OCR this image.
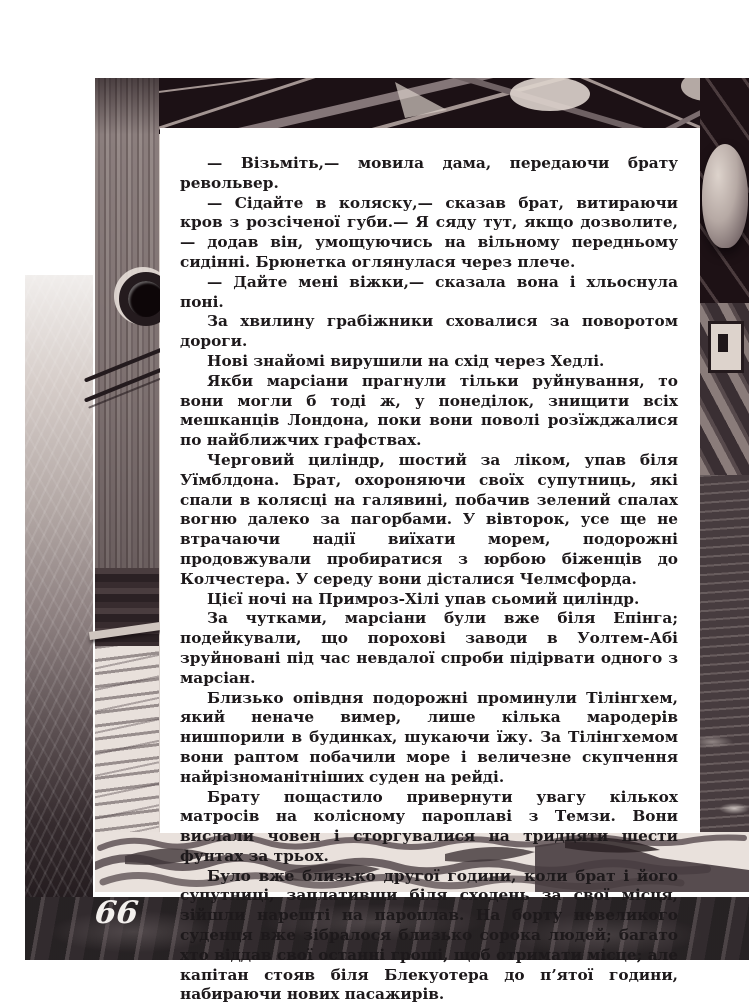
— Візьміть,— мовила дама, передаючи брату револьвер.

— Сідайте в коляску,— сказав брат, витираючи кров з розсіченої губи.— Я сяду тут, якщо дозволите,— додав він, умощуючись на вільному передньому сидінні. Брюнетка оглянулася через плече.

— Дайте мені віжки,— сказала вона і хльоснула поні.

За хвилину грабіжники сховалися за поворотом дороги.

Нові знайомі вирушили на схід через Хедлі.

Якби марсіани прагнули тільки руйнування, то вони могли б тоді ж, у понеділок, знищити всіх мешканців Лондона, поки вони поволі розїжджалися по найближчих графствах.

Черговий циліндр, шостий за ліком, упав біля Уїмблдона. Брат, охороняючи своїх супутниць, які спали в колясці на галявині, побачив зелений спалах вогню далеко за пагорбами. У вівторок, усе ще не втрачаючи надії виїхати морем, подорожні продовжували пробиратися з юрбою біженців до Колчестера. У середу вони дісталися Челмсфорда.

Цієї ночі на Примроз-Хілі упав сьомий циліндр.

За чутками, марсіани були вже біля Епінга; подейкували, що порохові заводи в Уолтем-Абі зруйновані під час невдалої спроби підірвати одного з марсіан.

Близько опівдня подорожні проминули Тілінгхем, який неначе вимер, лише кілька мародерів нишпорили в будинках, шукаючи їжу. За Тілінгхемом вони раптом побачили море і величезне скупчення найрізноманітніших суден на рейді.

Брату пощастило привернути увагу кількох матросів на колісному пароплаві з Темзи. Вони вислали човен і сторгувалися на тридцяти шести фунтах за трьох.

Було вже близько другої години, коли брат і його супутниці, заплативши біля сходень за свої місця, зійшли нарешті на пароплав. На борту невеликого суденця вже зібралося близько сорока людей; багато хто віддав свої останні гроші, щоб отримати місце; але капітан стояв біля Блекуотера до п’ятої години, набираючи нових пасажирів.

66
